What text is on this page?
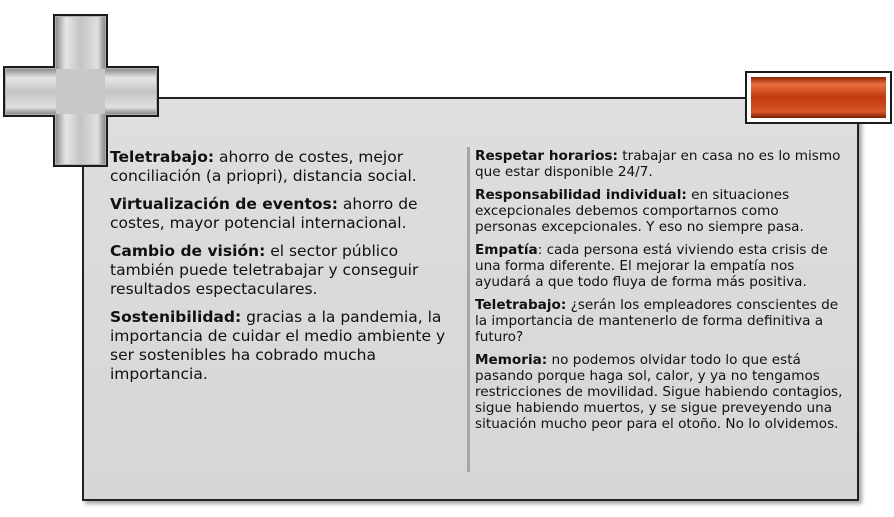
Teletrabajo: ahorro de costes, mejor conciliación (a priopri), distancia social.
Virtualización de eventos: ahorro de costes, mayor potencial internacional.
Cambio de visión: el sector público también puede teletrabajar y conseguir resultados espectaculares.
Sostenibilidad: gracias a la pandemia, la importancia de cuidar el medio ambiente y ser sostenibles ha cobrado mucha importancia.
Respetar horarios: trabajar en casa no es lo mismo que estar disponible 24/7.
Responsabilidad individual: en situaciones excepcionales debemos comportarnos como personas excepcionales. Y eso no siempre pasa.
Empatía: cada persona está viviendo esta crisis de una forma diferente. El mejorar la empatía nos ayudará a que todo fluya de forma más positiva.
Teletrabajo: ¿serán los empleadores conscientes de la importancia de mantenerlo de forma definitiva a futuro?
Memoria: no podemos olvidar todo lo que está pasando porque haga sol, calor, y ya no tengamos restricciones de movilidad. Sigue habiendo contagios, sigue habiendo muertos, y se sigue preveyendo una situación mucho peor para el otoño. No lo olvidemos.
